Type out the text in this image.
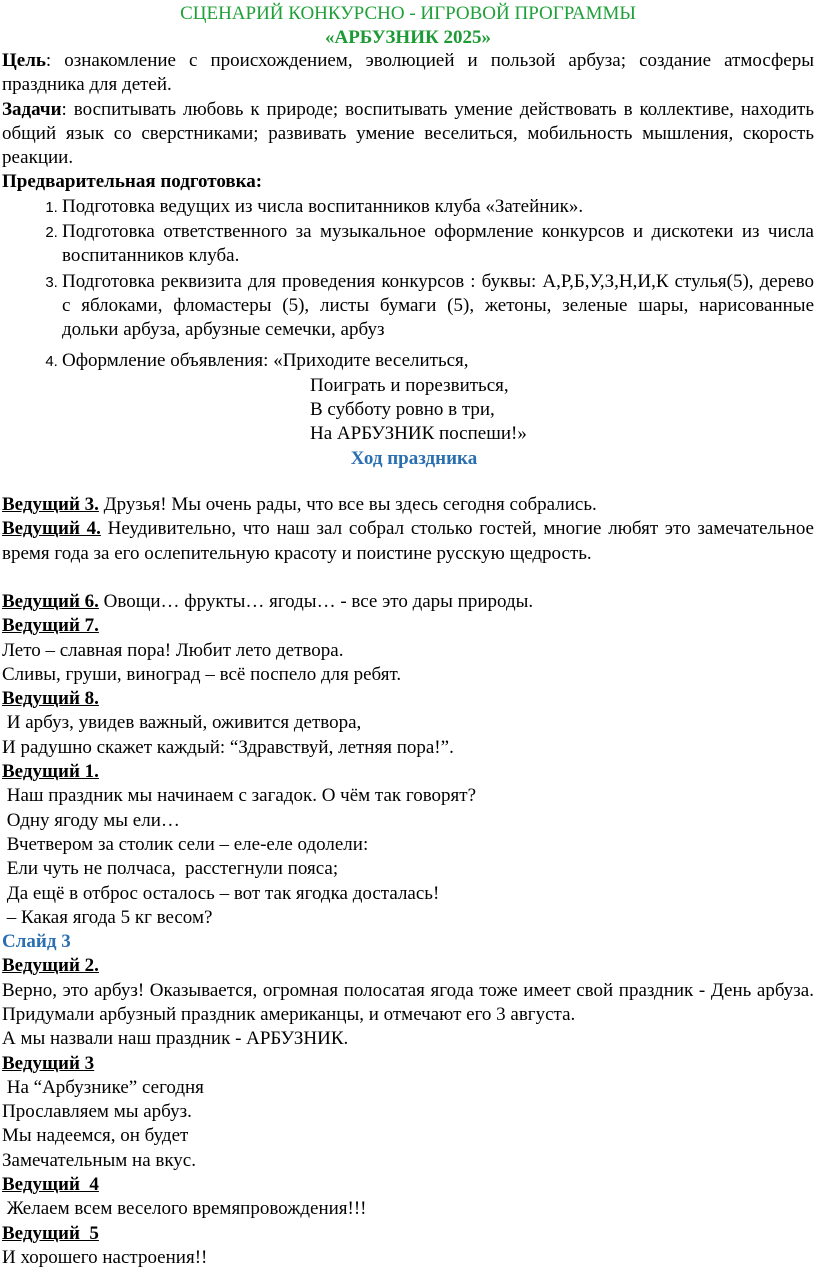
СЦЕНАРИЙ КОНКУРСНО - ИГРОВОЙ ПРОГРАММЫ

«АРБУЗНИК 2025»

Цель: ознакомление с происхождением, эволюцией и пользой арбуза; создание атмосферы праздника для детей.

Задачи: воспитывать любовь к природе; воспитывать умение действовать в коллективе, находить общий язык со сверстниками; развивать умение веселиться, мобильность мышления, скорость реакции.

Предварительная подготовка:

1. Подготовка ведущих из числа воспитанников клуба «Затейник».
2. Подготовка ответственного за музыкальное оформление конкурсов и дискотеки из числа воспитанников клуба.
3. Подготовка реквизита для проведения конкурсов : буквы: А,Р,Б,У,З,Н,И,К стулья(5), дерево с яблоками, фломастеры (5), листы бумаги (5), жетоны, зеленые шары, нарисованные дольки арбуза, арбузные семечки, арбуз
4. Оформление объявления: «Приходите веселиться,

Поиграть и порезвиться,

В субботу ровно в три,

На АРБУЗНИК поспеши!»

Ход праздника

Ведущий 3. Друзья! Мы очень рады, что все вы здесь сегодня собрались.

Ведущий 4. Неудивительно, что наш зал собрал столько гостей, многие любят это замечательное время года за его ослепительную красоту и поистине русскую щедрость.

Ведущий 6. Овощи… фрукты… ягоды… - все это дары природы.

Ведущий 7.

Лето – славная пора! Любит лето детвора.

Сливы, груши, виноград – всё поспело для ребят.

Ведущий 8.

И арбуз, увидев важный, оживится детвора,

И радушно скажет каждый: “Здравствуй, летняя пора!”.

Ведущий 1.

Наш праздник мы начинаем с загадок. О чём так говорят?

Одну ягоду мы ели…

Вчетвером за столик сели – еле-еле одолели:

Ели чуть не полчаса,  расстегнули пояса;

Да ещё в отброс осталось – вот так ягодка досталась!

– Какая ягода 5 кг весом?

Слайд 3

Ведущий 2.

Верно, это арбуз! Оказывается, огромная полосатая ягода тоже имеет свой праздник - День арбуза. Придумали арбузный праздник американцы, и отмечают его 3 августа.

А мы назвали наш праздник - АРБУЗНИК.

Ведущий 3

На “Арбузнике” сегодня

Прославляем мы арбуз.

Мы надеемся, он будет

Замечательным на вкус.

Ведущий  4

Желаем всем веселого времяпровождения!!!

Ведущий  5

И хорошего настроения!!
